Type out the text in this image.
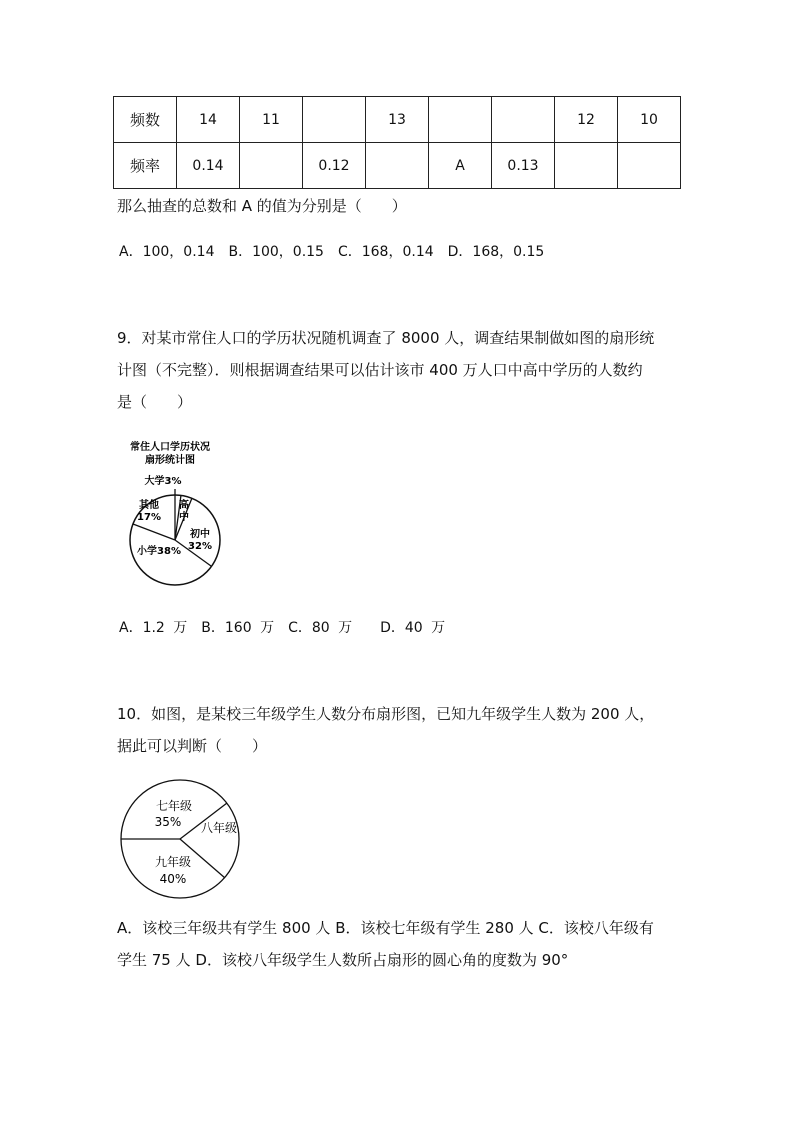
频数	14	11		13			12	10
频率	0.14		0.12		A	0.13		
那么抽查的总数和 A 的值为分别是（　　）
A．100，0.14　B．100，0.15　C．168，0.14　D．168，0.15
9．对某市常住人口的学历状况随机调查了 8000 人，调查结果制做如图的扇形统
计图（不完整）．则根据调查结果可以估计该市 400 万人口中高中学历的人数约
是（　　）
常住人口学历状况
扇形统计图
大学3%
其他
17%
高
中
初中
32%
小学38%
A．1.2 万　B．160 万　C．80 万　　D．40 万
10．如图，是某校三年级学生人数分布扇形图，已知九年级学生人数为 200 人，
据此可以判断（　　）
七年级
35% 八年级
九年级
40%
A．该校三年级共有学生 800 人 B．该校七年级有学生 280 人 C．该校八年级有
学生 75 人 D．该校八年级学生人数所占扇形的圆心角的度数为 90°
